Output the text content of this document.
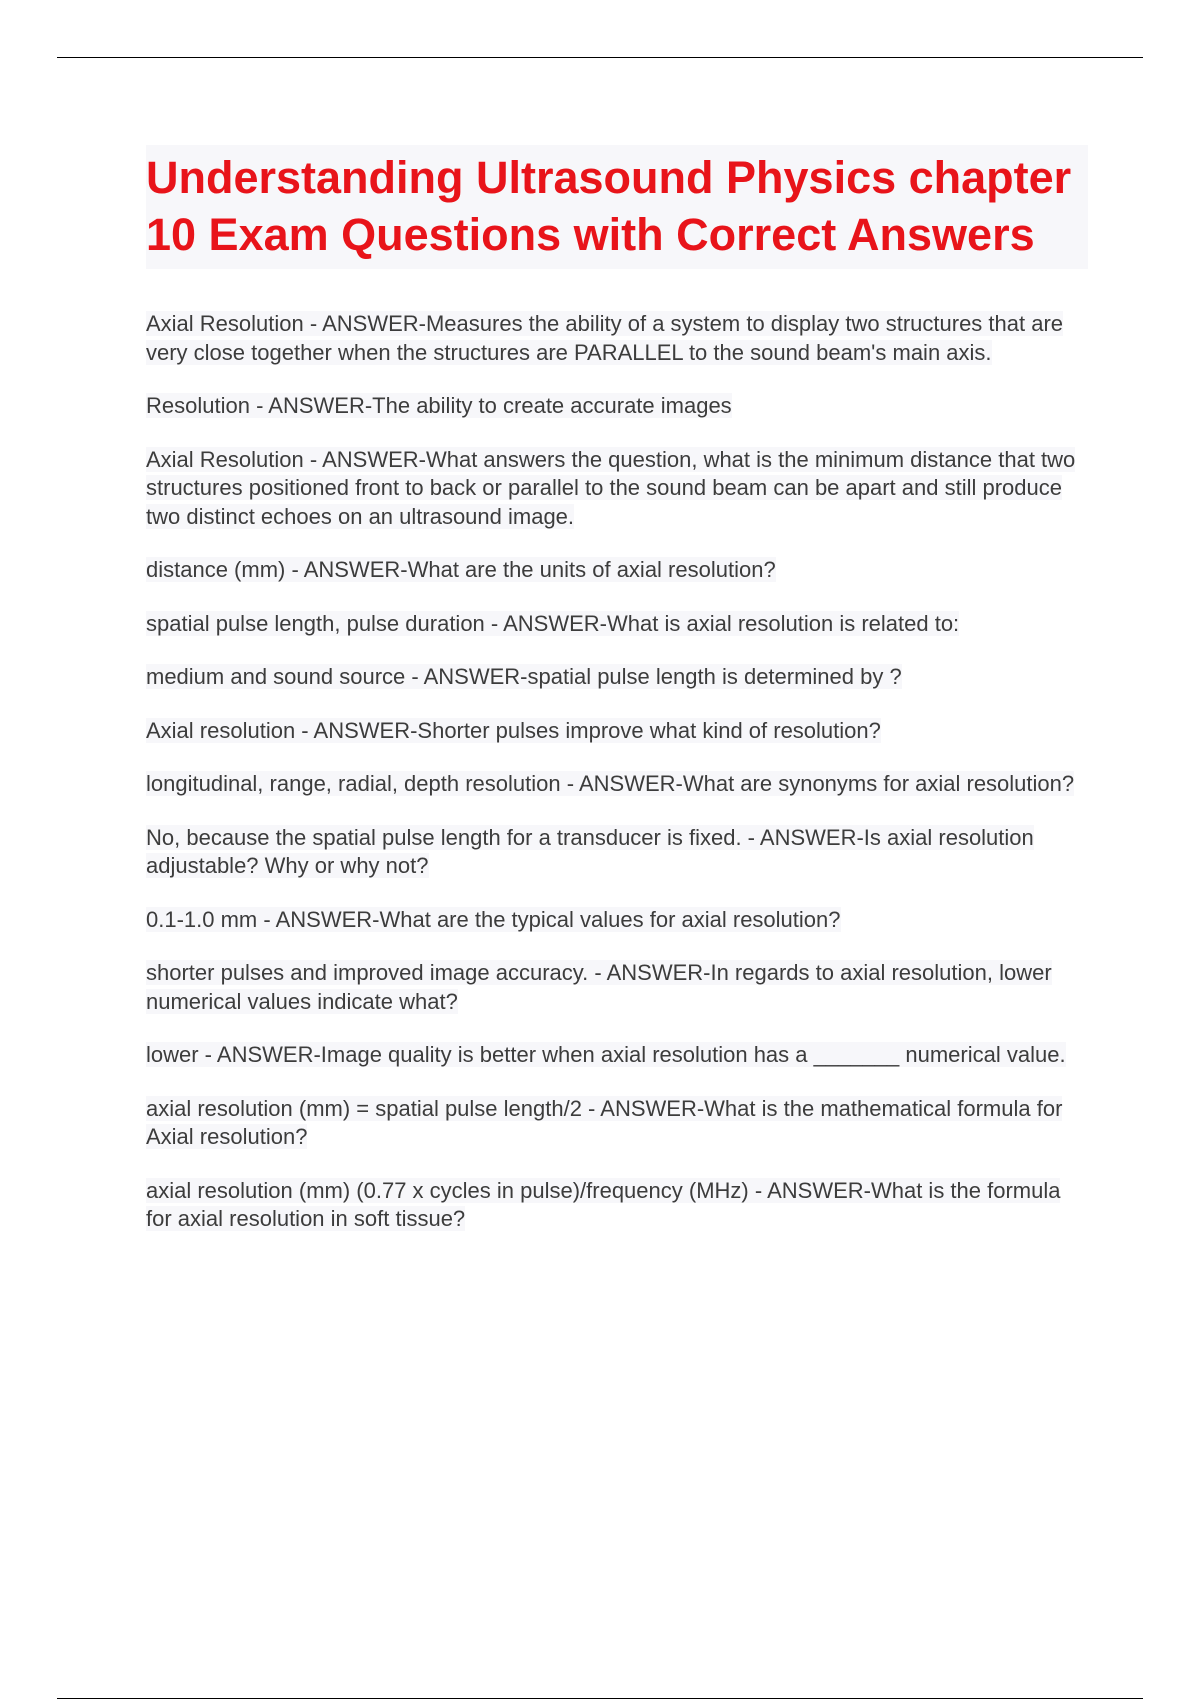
Understanding Ultrasound Physics chapter 10 Exam Questions with Correct Answers

Axial Resolution - ANSWER-Measures the ability of a system to display two structures that are very close together when the structures are PARALLEL to the sound beam's main axis.

Resolution - ANSWER-The ability to create accurate images

Axial Resolution - ANSWER-What answers the question, what is the minimum distance that two structures positioned front to back or parallel to the sound beam can be apart and still produce two distinct echoes on an ultrasound image.

distance (mm) - ANSWER-What are the units of axial resolution?

spatial pulse length, pulse duration - ANSWER-What is axial resolution is related to:

medium and sound source - ANSWER-spatial pulse length is determined by ?

Axial resolution - ANSWER-Shorter pulses improve what kind of resolution?

longitudinal, range, radial, depth resolution - ANSWER-What are synonyms for axial resolution?

No, because the spatial pulse length for a transducer is fixed. - ANSWER-Is axial resolution adjustable? Why or why not?

0.1-1.0 mm - ANSWER-What are the typical values for axial resolution?

shorter pulses and improved image accuracy. - ANSWER-In regards to axial resolution, lower numerical values indicate what?

lower - ANSWER-Image quality is better when axial resolution has a _______ numerical value.

axial resolution (mm) = spatial pulse length/2 - ANSWER-What is the mathematical formula for Axial resolution?

axial resolution (mm) (0.77 x cycles in pulse)/frequency (MHz) - ANSWER-What is the formula for axial resolution in soft tissue?
